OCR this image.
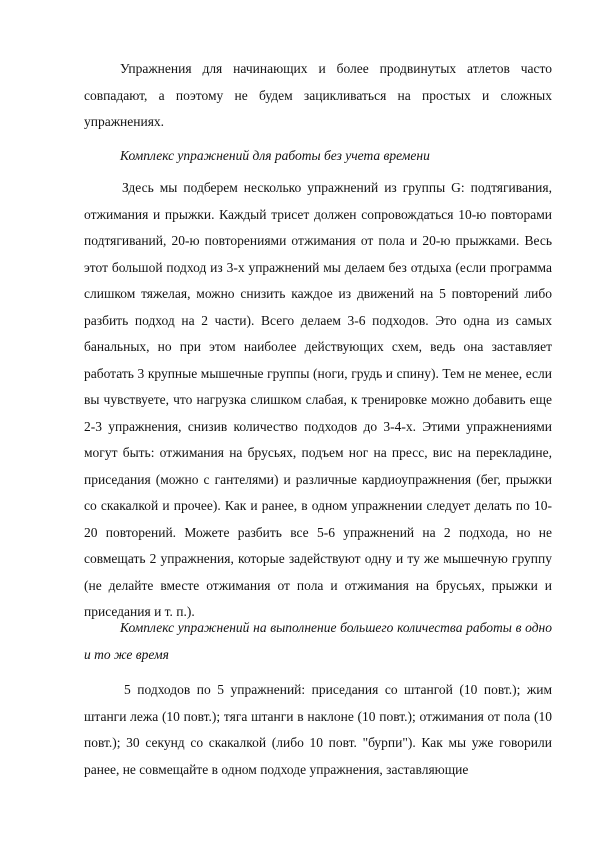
Упражнения для начинающих и более продвинутых атлетов часто совпадают, а поэтому не будем зацикливаться на простых и сложных упражнениях.

Комплекс упражнений для работы без учета времени

Здесь мы подберем несколько упражнений из группы G: подтягивания, отжимания и прыжки. Каждый трисет должен сопровождаться 10-ю повторами подтягиваний, 20-ю повторениями отжимания от пола и 20-ю прыжками. Весь этот большой подход из 3-х упражнений мы делаем без отдыха (если программа слишком тяжелая, можно снизить каждое из движений на 5 повторений либо разбить подход на 2 части). Всего делаем 3-6 подходов. Это одна из самых банальных, но при этом наиболее действующих схем, ведь она заставляет работать 3 крупные мышечные группы (ноги, грудь и спину). Тем не менее, если вы чувствуете, что нагрузка слишком слабая, к тренировке можно добавить еще 2-3 упражнения, снизив количество подходов до 3-4-х. Этими упражнениями могут быть: отжимания на брусьях, подъем ног на пресс, вис на перекладине, приседания (можно с гантелями) и различные кардиоупражнения (бег, прыжки со скакалкой и прочее). Как и ранее, в одном упражнении следует делать по 10-20 повторений. Можете разбить все 5-6 упражнений на 2 подхода, но не совмещать 2 упражнения, которые задействуют одну и ту же мышечную группу (не делайте вместе отжимания от пола и отжимания на брусьях, прыжки и приседания и т. п.).

Комплекс упражнений на выполнение большего количества работы в одно и то же время

5 подходов по 5 упражнений: приседания со штангой (10 повт.); жим штанги лежа (10 повт.); тяга штанги в наклоне (10 повт.); отжимания от пола (10 повт.); 30 секунд со скакалкой (либо 10 повт. "бурпи"). Как мы уже говорили ранее, не совмещайте в одном подходе упражнения, заставляющие
